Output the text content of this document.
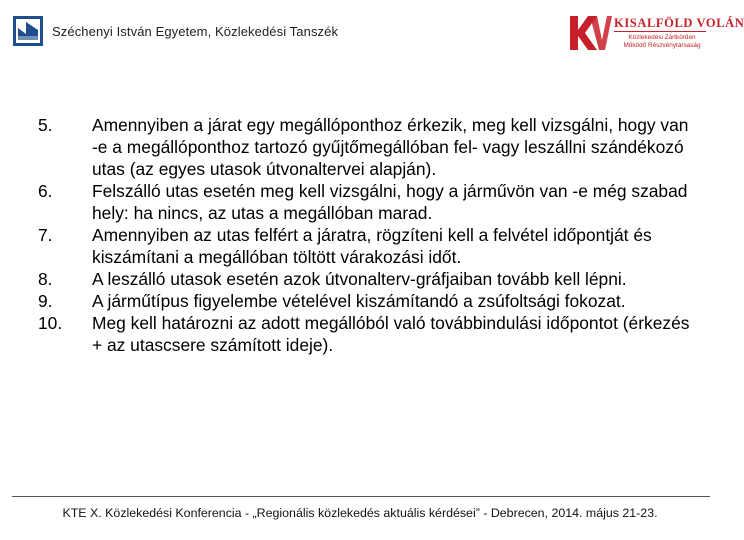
Széchenyi István Egyetem, Közlekedési Tanszék
KISALFÖLD VOLÁN
Közlekedési Zártkörűen Működő Részvénytársaság
5.	Amennyiben a járat egy megállóponthoz érkezik, meg kell vizsgálni, hogy van -e a megállóponthoz tartozó gyűjtőmegállóban fel- vagy leszállni szándékozó utas (az egyes utasok útvonaltervei alapján).
6.	Felszálló utas esetén meg kell vizsgálni, hogy a járművön van -e még szabad hely: ha nincs, az utas a megállóban marad.
7.	Amennyiben az utas felfért a járatra, rögzíteni kell a felvétel időpontját és kiszámítani a megállóban töltött várakozási időt.
8.	A leszálló utasok esetén azok útvonalterv-gráfjaiban tovább kell lépni.
9.	A járműtípus figyelembe vételével kiszámítandó a zsúfoltsági fokozat.
10.	Meg kell határozni az adott megállóból való továbbindulási időpontot (érkezés + az utascsere számított ideje).
KTE X. Közlekedési Konferencia - „Regionális közlekedés aktuális kérdései” - Debrecen, 2014. május 21-23.
